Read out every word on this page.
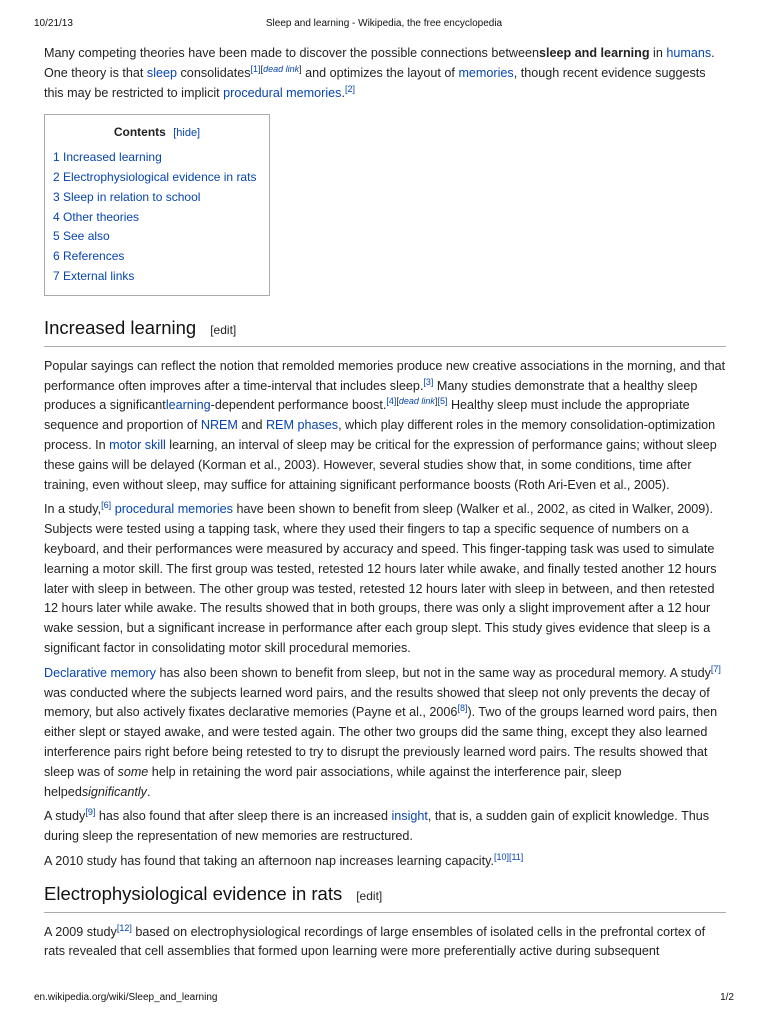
10/21/13	Sleep and learning - Wikipedia, the free encyclopedia

Many competing theories have been made to discover the possible connections betweensleep and learning in humans. One theory is that sleep consolidates[1][dead link] and optimizes the layout of memories, though recent evidence suggests this may be restricted to implicit procedural memories.[2]

Contents [hide]
1 Increased learning
2 Electrophysiological evidence in rats
3 Sleep in relation to school
4 Other theories
5 See also
6 References
7 External links
Increased learning [edit]

Popular sayings can reflect the notion that remolded memories produce new creative associations in the morning, and that performance often improves after a time-interval that includes sleep.[3] Many studies demonstrate that a healthy sleep produces a significantlearning-dependent performance boost.[4][dead link][5] Healthy sleep must include the appropriate sequence and proportion of NREM and REM phases, which play different roles in the memory consolidation-optimization process. In motor skill learning, an interval of sleep may be critical for the expression of performance gains; without sleep these gains will be delayed (Korman et al., 2003). However, several studies show that, in some conditions, time after training, even without sleep, may suffice for attaining significant performance boosts (Roth Ari-Even et al., 2005).

In a study,[6] procedural memories have been shown to benefit from sleep (Walker et al., 2002, as cited in Walker, 2009). Subjects were tested using a tapping task, where they used their fingers to tap a specific sequence of numbers on a keyboard, and their performances were measured by accuracy and speed. This finger-tapping task was used to simulate learning a motor skill. The first group was tested, retested 12 hours later while awake, and finally tested another 12 hours later with sleep in between. The other group was tested, retested 12 hours later with sleep in between, and then retested 12 hours later while awake. The results showed that in both groups, there was only a slight improvement after a 12 hour wake session, but a significant increase in performance after each group slept. This study gives evidence that sleep is a significant factor in consolidating motor skill procedural memories.

Declarative memory has also been shown to benefit from sleep, but not in the same way as procedural memory. A study[7] was conducted where the subjects learned word pairs, and the results showed that sleep not only prevents the decay of memory, but also actively fixates declarative memories (Payne et al., 2006[8]). Two of the groups learned word pairs, then either slept or stayed awake, and were tested again. The other two groups did the same thing, except they also learned interference pairs right before being retested to try to disrupt the previously learned word pairs. The results showed that sleep was of some help in retaining the word pair associations, while against the interference pair, sleep helpedsignificantly.

A study[9] has also found that after sleep there is an increased insight, that is, a sudden gain of explicit knowledge. Thus during sleep the representation of new memories are restructured.

A 2010 study has found that taking an afternoon nap increases learning capacity.[10][11]

Electrophysiological evidence in rats [edit]

A 2009 study[12] based on electrophysiological recordings of large ensembles of isolated cells in the prefrontal cortex of rats revealed that cell assemblies that formed upon learning were more preferentially active during subsequent

en.wikipedia.org/wiki/Sleep_and_learning	1/2
